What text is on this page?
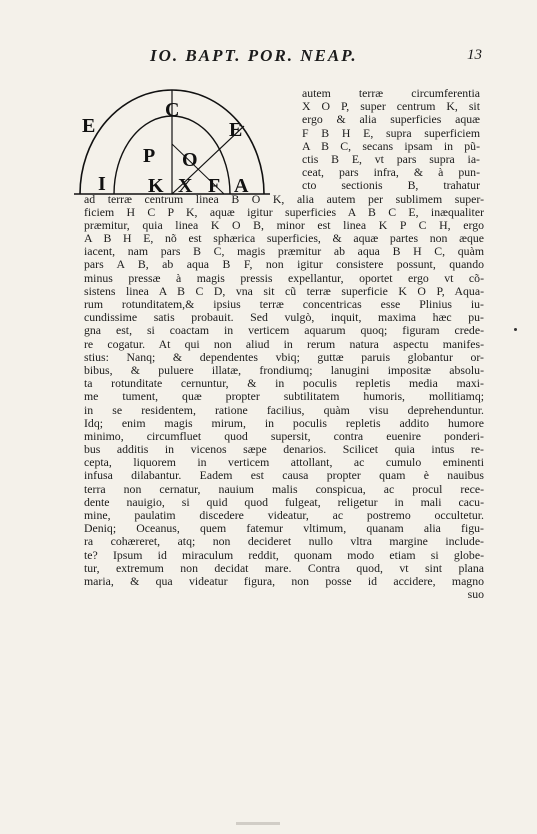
IO. BAPT. POR. NEAP.	13
E
C
E
P O
I K X F A
autem terræ circumferentia
X O P, super centrum K, sit
ergo & alia superficies aquæ
F B H E, supra superficiem
A B C, secans ipsam in pũ-
ctis B E, vt pars supra ia-
ceat, pars infra, & à pun-
cto sectionis B, trahatur
ad terræ centrum linea B O K, alia autem per sublimem super-
ficiem H C P K, aquæ igitur superficies A B C E, inæqualiter
præmitur, quia linea K O B, minor est linea K P C H, ergo
A B H E, nõ est sphærica superficies, & aquæ partes non æque
iacent, nam pars B C, magis præmitur ab aqua B H C, quàm
pars A B, ab aqua B F, non igitur consistere possunt, quando
minus pressæ à magis pressis expellantur, oportet ergo vt cõ-
sistens linea A B C D, vna sit cũ terræ superficie K O P, Aqua-
rum rotunditatem,& ipsius terræ concentricas esse Plinius iu-
cundissime satis probauit. Sed vulgò, inquit, maxima hæc pu-
gna est, si coactam in verticem aquarum quoq; figuram crede-
re cogatur. At qui non aliud in rerum natura aspectu manifes-
stius: Nanq; & dependentes vbiq; guttæ paruis globantur or-
bibus, & puluere illatæ, frondiumq; lanugini impositæ absolu-
ta rotunditate cernuntur, & in poculis repletis media maxi-
me tument, quæ propter subtilitatem humoris, mollitiamq;
in se residentem, ratione facilius, quàm visu deprehenduntur.
Idq; enim magis mirum, in poculis repletis addito humore
minimo, circumfluet quod supersit, contra euenire ponderi-
bus additis in vicenos sæpe denarios. Scilicet quia intus re-
cepta, liquorem in verticem attollant, ac cumulo eminenti
infusa dilabantur. Eadem est causa propter quam è nauibus
terra non cernatur, nauium malis conspicua, ac procul rece-
dente nauigio, si quid quod fulgeat, religetur in mali cacu-
mine, paulatim discedere videatur, ac postremo occultetur.
Deniq; Oceanus, quem fatemur vltimum, quanam alia figu-
ra cohæreret, atq; non decideret nullo vltra margine include-
te? Ipsum id miraculum reddit, quonam modo etiam si globe-
tur, extremum non decidat mare. Contra quod, vt sint plana
maria, & qua videatur figura, non posse id accidere, magno
suo
